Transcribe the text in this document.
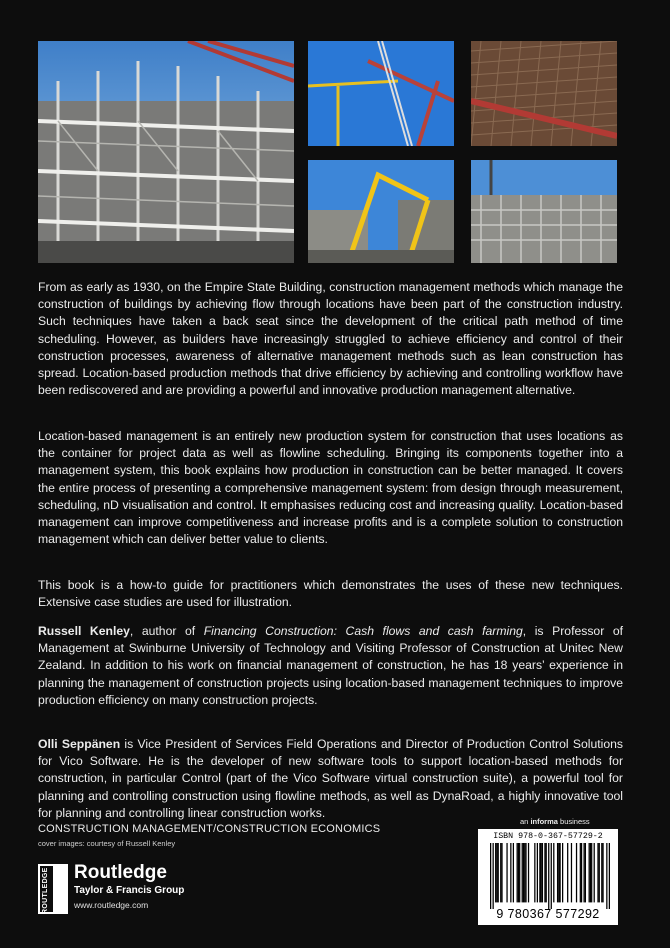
From as early as 1930, on the Empire State Building, construction management methods which manage the construction of buildings by achieving flow through locations have been part of the construction industry. Such techniques have taken a back seat since the development of the critical path method of time scheduling. However, as builders have increasingly struggled to achieve efficiency and control of their construction processes, awareness of alternative management methods such as lean construction has spread. Location-based production methods that drive efficiency by achieving and controlling workflow have been rediscovered and are providing a powerful and innovative production management alternative.

Location-based management is an entirely new production system for construction that uses locations as the container for project data as well as flowline scheduling. Bringing its components together into a management system, this book explains how production in construction can be better managed. It covers the entire process of presenting a comprehensive management system: from design through measurement, scheduling, nD visualisation and control. It emphasises reducing cost and increasing quality. Location-based management can improve competitiveness and increase profits and is a complete solution to construction management which can deliver better value to clients.

This book is a how-to guide for practitioners which demonstrates the uses of these new techniques. Extensive case studies are used for illustration.

Russell Kenley, author of Financing Construction: Cash flows and cash farming, is Professor of Management at Swinburne University of Technology and Visiting Professor of Construction at Unitec New Zealand. In addition to his work on financial management of construction, he has 18 years’ experience in planning the management of construction projects using location-based management techniques to improve production efficiency on many construction projects.

Olli Seppänen is Vice President of Services Field Operations and Director of Production Control Solutions for Vico Software. He is the developer of new software tools to support location-based methods for construction, in particular Control (part of the Vico Software virtual construction suite), a powerful tool for planning and controlling construction using flowline methods, as well as DynaRoad, a highly innovative tool for planning and controlling linear construction works.

CONSTRUCTION MANAGEMENT/CONSTRUCTION ECONOMICS
cover images: courtesy of Russell Kenley
ROUTLEDGE Routledge
Taylor & Francis Group
www.routledge.com
an informa business
ISBN 978-0-367-57729-2
9 780367 577292
